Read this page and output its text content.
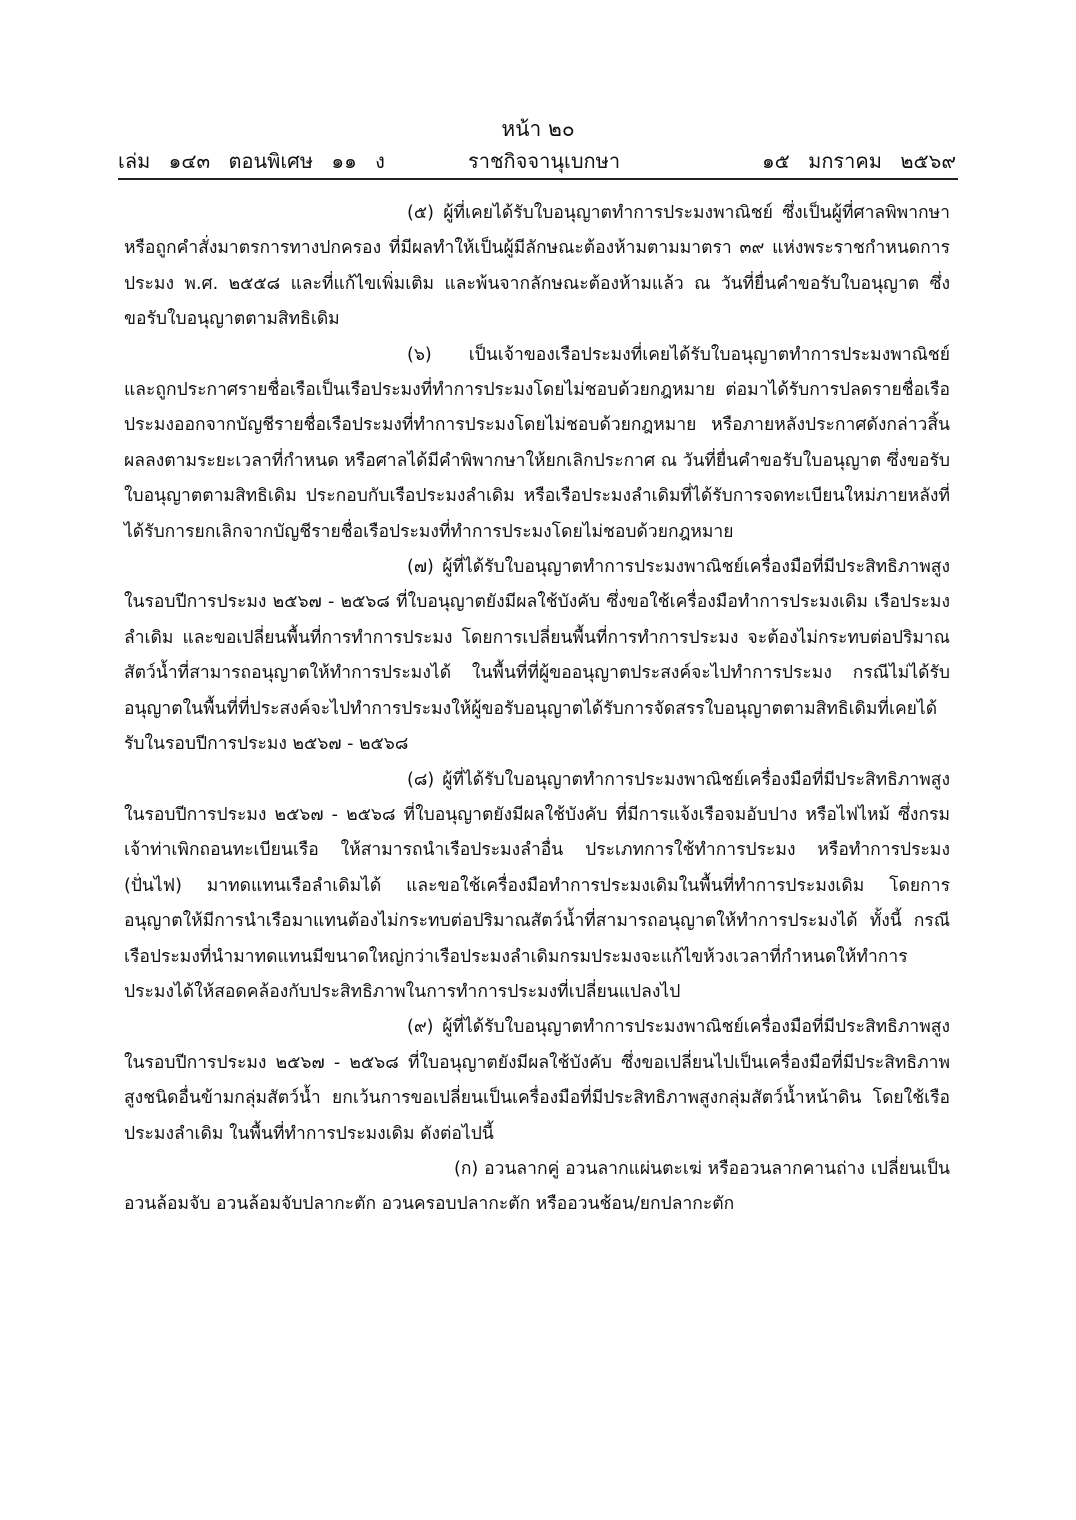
หน้า ๒๐
เล่ม ๑๔๓ ตอนพิเศษ ๑๑ ง	ราชกิจจานุเบกษา	๑๕ มกราคม ๒๕๖๙

(๕) ผู้ที่เคยได้รับใบอนุญาตทำการประมงพาณิชย์ ซึ่งเป็นผู้ที่ศาลพิพากษาหรือถูกคำสั่งมาตรการทางปกครอง ที่มีผลทำให้เป็นผู้มีลักษณะต้องห้ามตามมาตรา ๓๙ แห่งพระราชกำหนดการประมง พ.ศ. ๒๕๕๘ และที่แก้ไขเพิ่มเติม และพ้นจากลักษณะต้องห้ามแล้ว ณ วันที่ยื่นคำขอรับใบอนุญาต ซึ่งขอรับใบอนุญาตตามสิทธิเดิม

(๖) เป็นเจ้าของเรือประมงที่เคยได้รับใบอนุญาตทำการประมงพาณิชย์ และถูกประกาศรายชื่อเรือเป็นเรือประมงที่ทำการประมงโดยไม่ชอบด้วยกฎหมาย ต่อมาได้รับการปลดรายชื่อเรือประมงออกจากบัญชีรายชื่อเรือประมงที่ทำการประมงโดยไม่ชอบด้วยกฎหมาย หรือภายหลังประกาศดังกล่าวสิ้นผลลงตามระยะเวลาที่กำหนด หรือศาลได้มีคำพิพากษาให้ยกเลิกประกาศ ณ วันที่ยื่นคำขอรับใบอนุญาต ซึ่งขอรับใบอนุญาตตามสิทธิเดิม ประกอบกับเรือประมงลำเดิม หรือเรือประมงลำเดิมที่ได้รับการจดทะเบียนใหม่ภายหลังที่ได้รับการยกเลิกจากบัญชีรายชื่อเรือประมงที่ทำการประมงโดยไม่ชอบด้วยกฎหมาย

(๗) ผู้ที่ได้รับใบอนุญาตทำการประมงพาณิชย์เครื่องมือที่มีประสิทธิภาพสูงในรอบปีการประมง ๒๕๖๗ - ๒๕๖๘ ที่ใบอนุญาตยังมีผลใช้บังคับ ซึ่งขอใช้เครื่องมือทำการประมงเดิม เรือประมงลำเดิม และขอเปลี่ยนพื้นที่การทำการประมง โดยการเปลี่ยนพื้นที่การทำการประมง จะต้องไม่กระทบต่อปริมาณสัตว์น้ำที่สามารถอนุญาตให้ทำการประมงได้ ในพื้นที่ที่ผู้ขออนุญาตประสงค์จะไปทำการประมง กรณีไม่ได้รับอนุญาตในพื้นที่ที่ประสงค์จะไปทำการประมงให้ผู้ขอรับอนุญาตได้รับการจัดสรรใบอนุญาตตามสิทธิเดิมที่เคยได้รับในรอบปีการประมง ๒๕๖๗ - ๒๕๖๘

(๘) ผู้ที่ได้รับใบอนุญาตทำการประมงพาณิชย์เครื่องมือที่มีประสิทธิภาพสูงในรอบปีการประมง ๒๕๖๗ - ๒๕๖๘ ที่ใบอนุญาตยังมีผลใช้บังคับ ที่มีการแจ้งเรือจมอับปาง หรือไฟไหม้ ซึ่งกรมเจ้าท่าเพิกถอนทะเบียนเรือ ให้สามารถนำเรือประมงลำอื่น ประเภทการใช้ทำการประมง หรือทำการประมง (ปั่นไฟ) มาทดแทนเรือลำเดิมได้ และขอใช้เครื่องมือทำการประมงเดิมในพื้นที่ทำการประมงเดิม โดยการอนุญาตให้มีการนำเรือมาแทนต้องไม่กระทบต่อปริมาณสัตว์น้ำที่สามารถอนุญาตให้ทำการประมงได้ ทั้งนี้ กรณีเรือประมงที่นำมาทดแทนมีขนาดใหญ่กว่าเรือประมงลำเดิมกรมประมงจะแก้ไขห้วงเวลาที่กำหนดให้ทำการประมงได้ให้สอดคล้องกับประสิทธิภาพในการทำการประมงที่เปลี่ยนแปลงไป

(๙) ผู้ที่ได้รับใบอนุญาตทำการประมงพาณิชย์เครื่องมือที่มีประสิทธิภาพสูงในรอบปีการประมง ๒๕๖๗ - ๒๕๖๘ ที่ใบอนุญาตยังมีผลใช้บังคับ ซึ่งขอเปลี่ยนไปเป็นเครื่องมือที่มีประสิทธิภาพสูงชนิดอื่นข้ามกลุ่มสัตว์น้ำ ยกเว้นการขอเปลี่ยนเป็นเครื่องมือที่มีประสิทธิภาพสูงกลุ่มสัตว์น้ำหน้าดิน โดยใช้เรือประมงลำเดิม ในพื้นที่ทำการประมงเดิม ดังต่อไปนี้

(ก) อวนลากคู่ อวนลากแผ่นตะเฆ่ หรืออวนลากคานถ่าง เปลี่ยนเป็น อวนล้อมจับ อวนล้อมจับปลากะตัก อวนครอบปลากะตัก หรืออวนช้อน/ยกปลากะตัก
